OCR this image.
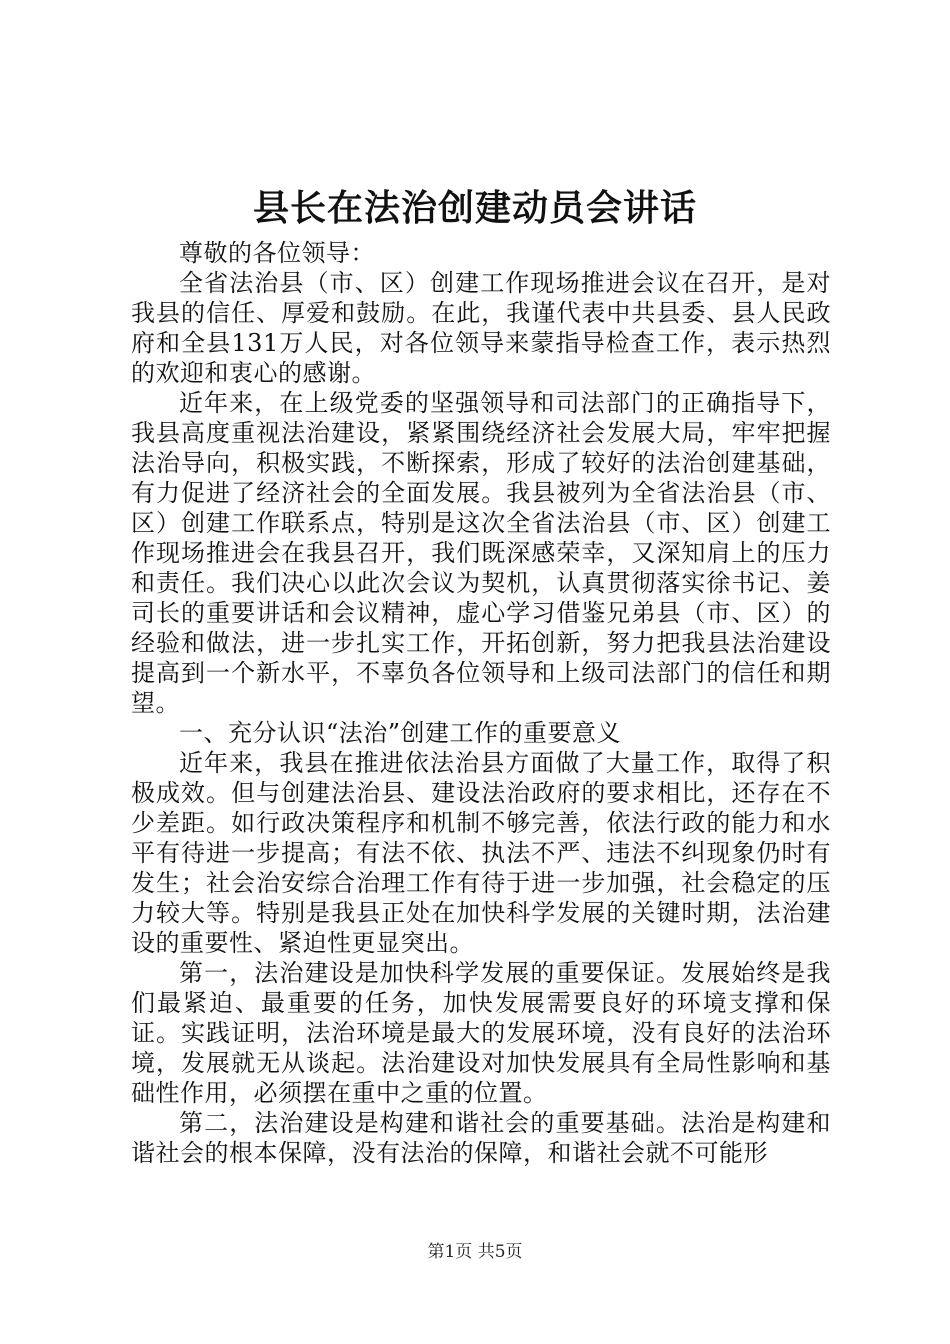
县长在法治创建动员会讲话

尊敬的各位领导：

全省法治县（市、区）创建工作现场推进会议在召开，是对我县的信任、厚爱和鼓励。在此，我谨代表中共县委、县人民政府和全县131万人民，对各位领导来蒙指导检查工作，表示热烈的欢迎和衷心的感谢。

近年来，在上级党委的坚强领导和司法部门的正确指导下，我县高度重视法治建设，紧紧围绕经济社会发展大局，牢牢把握法治导向，积极实践，不断探索，形成了较好的法治创建基础，有力促进了经济社会的全面发展。我县被列为全省法治县（市、区）创建工作联系点，特别是这次全省法治县（市、区）创建工作现场推进会在我县召开，我们既深感荣幸，又深知肩上的压力和责任。我们决心以此次会议为契机，认真贯彻落实徐书记、姜司长的重要讲话和会议精神，虚心学习借鉴兄弟县（市、区）的经验和做法，进一步扎实工作，开拓创新，努力把我县法治建设提高到一个新水平，不辜负各位领导和上级司法部门的信任和期望。

一、充分认识“法治”创建工作的重要意义

近年来，我县在推进依法治县方面做了大量工作，取得了积极成效。但与创建法治县、建设法治政府的要求相比，还存在不少差距。如行政决策程序和机制不够完善，依法行政的能力和水平有待进一步提高；有法不依、执法不严、违法不纠现象仍时有发生；社会治安综合治理工作有待于进一步加强，社会稳定的压力较大等。特别是我县正处在加快科学发展的关键时期，法治建设的重要性、紧迫性更显突出。

第一，法治建设是加快科学发展的重要保证。发展始终是我们最紧迫、最重要的任务，加快发展需要良好的环境支撑和保证。实践证明，法治环境是最大的发展环境，没有良好的法治环境，发展就无从谈起。法治建设对加快发展具有全局性影响和基础性作用，必须摆在重中之重的位置。

第二，法治建设是构建和谐社会的重要基础。法治是构建和谐社会的根本保障，没有法治的保障，和谐社会就不可能形

第1页 共5页
